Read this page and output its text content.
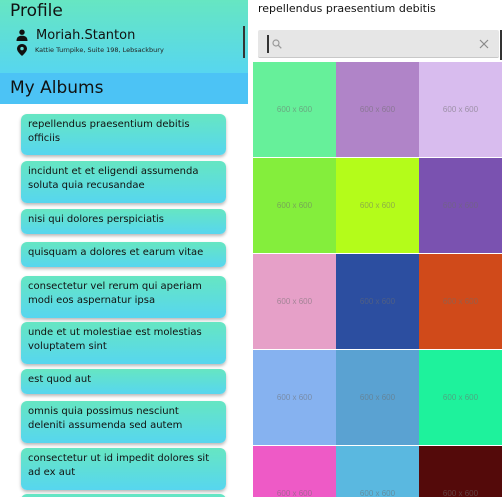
Profile
Moriah.Stanton
Kattie Turnpike, Suite 198, Lebsackbury
My Albums
repellendus praesentium debitis officiis
incidunt et et eligendi assumenda soluta quia recusandae
nisi qui dolores perspiciatis
quisquam a dolores et earum vitae
consectetur vel rerum qui aperiam modi eos aspernatur ipsa
unde et ut molestiae est molestias voluptatem sint
est quod aut
omnis quia possimus nesciunt deleniti assumenda sed autem
consectetur ut id impedit dolores sit ad ex aut
repellendus praesentium debitis
600 x 600	600 x 600	600 x 600
600 x 600	600 x 600	600 x 600
600 x 600	600 x 600	600 x 600
600 x 600	600 x 600	600 x 600
600 x 600	600 x 600	600 x 600
